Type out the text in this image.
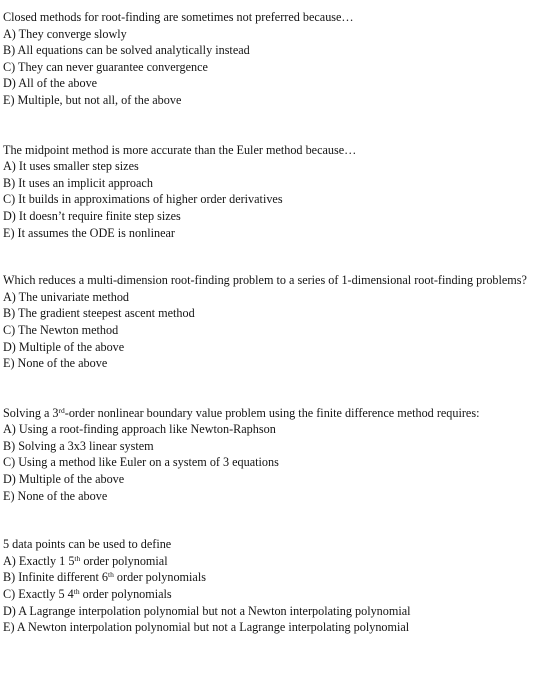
Closed methods for root-finding are sometimes not preferred because…

A) They converge slowly
B) All equations can be solved analytically instead
C) They can never guarantee convergence
D) All of the above
E) Multiple, but not all, of the above

The midpoint method is more accurate than the Euler method because…

A) It uses smaller step sizes
B) It uses an implicit approach
C) It builds in approximations of higher order derivatives
D) It doesn’t require finite step sizes
E) It assumes the ODE is nonlinear

Which reduces a multi-dimension root-finding problem to a series of 1-dimensional root-finding problems?

A) The univariate method
B) The gradient steepest ascent method
C) The Newton method
D) Multiple of the above
E) None of the above

Solving a 3rd-order nonlinear boundary value problem using the finite difference method requires:

A) Using a root-finding approach like Newton-Raphson
B) Solving a 3x3 linear system
C) Using a method like Euler on a system of 3 equations
D) Multiple of the above
E) None of the above

5 data points can be used to define

A) Exactly 1 5th order polynomial
B) Infinite different 6th order polynomials
C) Exactly 5 4th order polynomials
D) A Lagrange interpolation polynomial but not a Newton interpolating polynomial
E) A Newton interpolation polynomial but not a Lagrange interpolating polynomial
